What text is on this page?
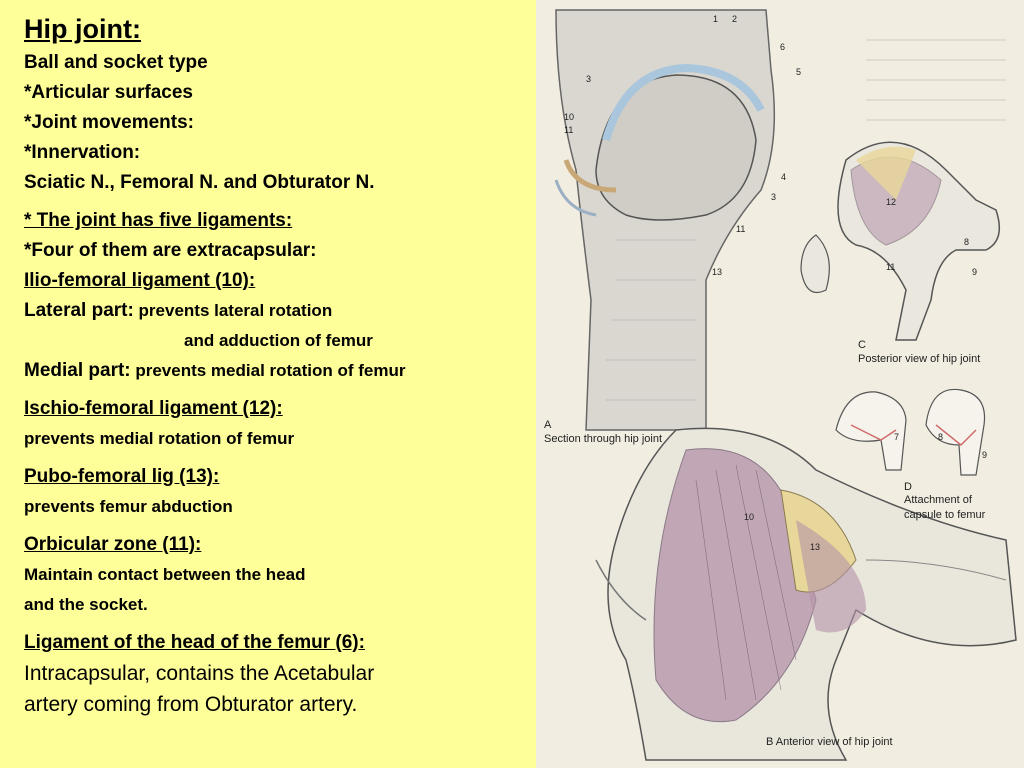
Hip joint:
Ball and socket type
*Articular surfaces
*Joint movements:
*Innervation:
Sciatic N., Femoral N. and Obturator N.
* The joint has five ligaments:
*Four of them are extracapsular:
Ilio-femoral ligament (10):
Lateral part: prevents lateral rotation
and adduction of femur
Medial part: prevents medial rotation of femur
Ischio-femoral ligament (12):
prevents medial rotation of femur
Pubo-femoral lig (13):
prevents femur abduction
Orbicular zone (11):
Maintain contact between the head
and the socket.
Ligament of the head of the femur (6):
Intracapsular, contains the Acetabular
artery coming from Obturator artery.
1 2
6
5
3
10
11
4
3
11
13
12
8
11	9
7	8
9
10
13
A
Section through hip joint
C
Posterior view of hip joint
D
Attachment of
capsule to femur
B Anterior view of hip joint
